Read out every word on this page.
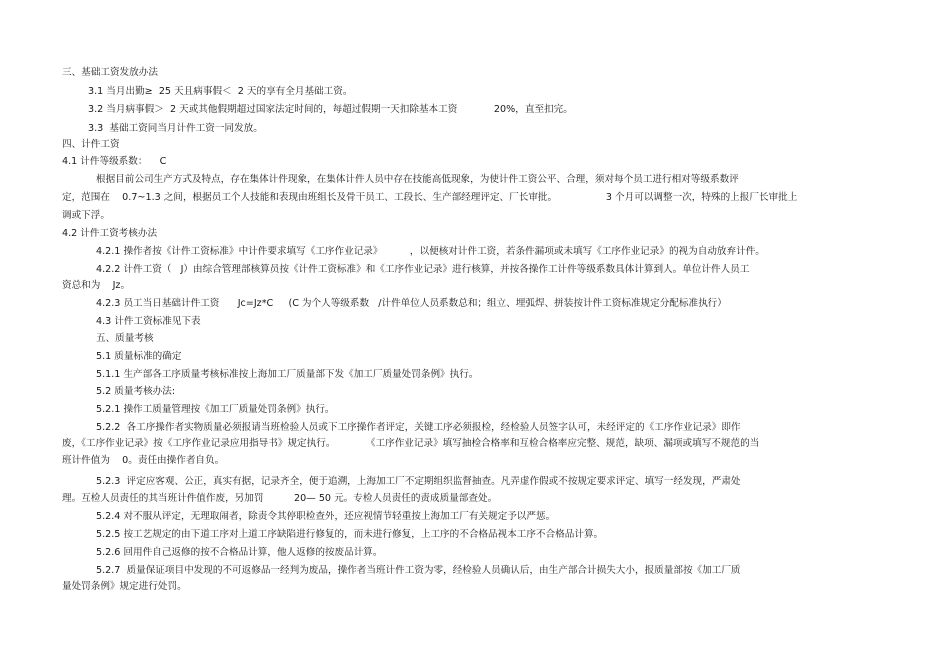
三、基础工资发放办法
3.1 当月出勤≥  25 天且病事假＜  2 天的享有全月基础工资。
3.2 当月病事假＞  2 天或其他假期超过国家法定时间的，每超过假期一天扣除基本工资            20%，直至扣完。
3.3  基础工资同当月计件工资一同发放。
四、计件工资
4.1 计件等级系数：    C
根据目前公司生产方式及特点，存在集体计件现象，在集体计件人员中存在技能高低现象，为使计件工资公平、合理，须对每个员工进行相对等级系数评
定，范围在    0.7~1.3 之间，根据员工个人技能和表现由班组长及骨干员工、工段长、生产部经理评定、厂长审批。                3 个月可以调整一次，特殊的上报厂长审批上
调或下浮。
4.2 计件工资考核办法
4.2.1 操作者按《计件工资标准》中计件要求填写《工序作业记录》         ，以便核对计件工资，若条件漏项或未填写《工序作业记录》的视为自动放弃计件。
4.2.2 计件工资（   J）由综合管理部核算员按《计件工资标准》和《工序作业记录》进行核算，并按各操作工计件等级系数具体计算到人。单位计件人员工
资总和为    Jz。
4.2.3 员工当日基础计件工资      Jc=Jz*C     (C 为个人等级系数   /计件单位人员系数总和；组立、埋弧焊、拼装按计件工资标准规定分配标准执行）
4.3 计件工资标准见下表
五、质量考核
5.1 质量标准的确定
5.1.1 生产部各工序质量考核标准按上海加工厂质量部下发《加工厂质量处罚条例》执行。
5.2 质量考核办法:
5.2.1 操作工质量管理按《加工厂质量处罚条例》执行。
5.2.2  各工序操作者实物质量必须报请当班检验人员或下工序操作者评定，关键工序必须报检，经检验人员签字认可，未经评定的《工序作业记录》即作
废，《工序作业记录》按《工序作业记录应用指导书》规定执行。          《工序作业记录》填写抽检合格率和互检合格率应完整、规范，缺项、漏项或填写不规范的当
班计件值为    0。责任由操作者自负。
5.2.3  评定应客观、公正，真实有据，记录齐全，便于追溯，上海加工厂不定期组织监督抽查。凡弄虚作假或不按规定要求评定、填写一经发现，严肃处
理。互检人员责任的其当班计件值作废，另加罚          20— 50 元。专检人员责任的责成质量部查处。
5.2.4 对不服从评定，无理取闹者，除责令其停职检查外，还应视情节轻重按上海加工厂有关规定予以严惩。
5.2.5 按工艺规定的由下道工序对上道工序缺陷进行修复的，而未进行修复，上工序的不合格品视本工序不合格品计算。
5.2.6 回用件自己返修的按不合格品计算，他人返修的按废品计算。
5.2.7  质量保证项目中发现的不可返修品一经判为废品，操作者当班计件工资为零，经检验人员确认后，由生产部合计损失大小，报质量部按《加工厂质
量处罚条例》规定进行处罚。
